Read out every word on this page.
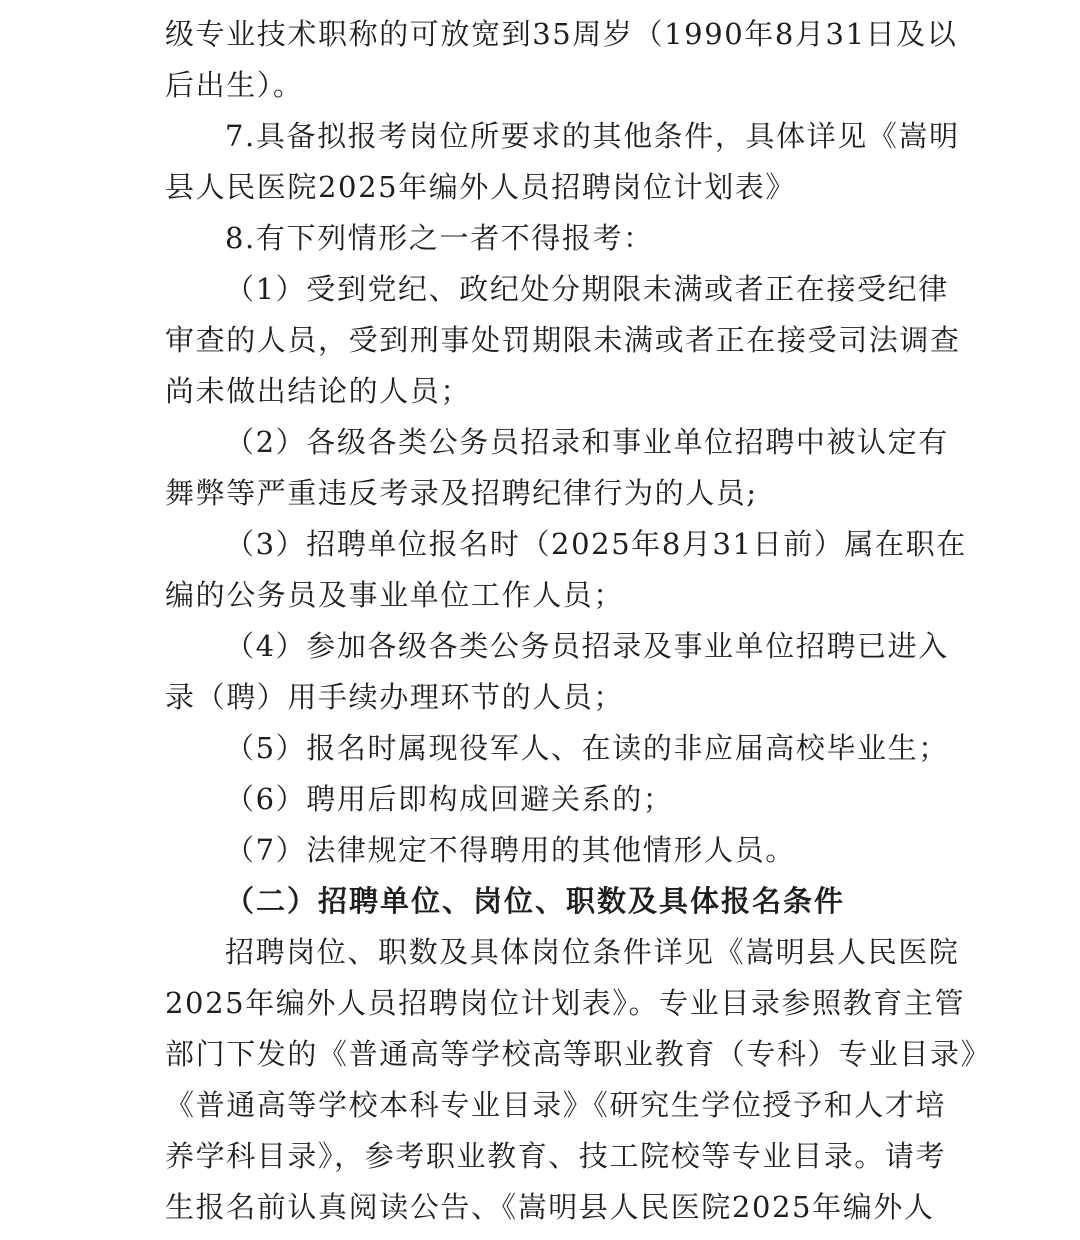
级专业技术职称的可放宽到35周岁（1990年8月31日及以
后出生）。
7.具备拟报考岗位所要求的其他条件，具体详见《嵩明
县人民医院2025年编外人员招聘岗位计划表》
8.有下列情形之一者不得报考：
（1）受到党纪、政纪处分期限未满或者正在接受纪律
审查的人员，受到刑事处罚期限未满或者正在接受司法调查
尚未做出结论的人员；
（2）各级各类公务员招录和事业单位招聘中被认定有
舞弊等严重违反考录及招聘纪律行为的人员;
（3）招聘单位报名时（2025年8月31日前）属在职在
编的公务员及事业单位工作人员；
（4）参加各级各类公务员招录及事业单位招聘已进入
录（聘）用手续办理环节的人员；
（5）报名时属现役军人、在读的非应届高校毕业生；
（6）聘用后即构成回避关系的；
（7）法律规定不得聘用的其他情形人员。
（二）招聘单位、岗位、职数及具体报名条件
招聘岗位、职数及具体岗位条件详见《嵩明县人民医院
2025年编外人员招聘岗位计划表》。专业目录参照教育主管
部门下发的《普通高等学校高等职业教育（专科）专业目录》
《普通高等学校本科专业目录》《研究生学位授予和人才培
养学科目录》，参考职业教育、技工院校等专业目录。请考
生报名前认真阅读公告、《嵩明县人民医院2025年编外人
